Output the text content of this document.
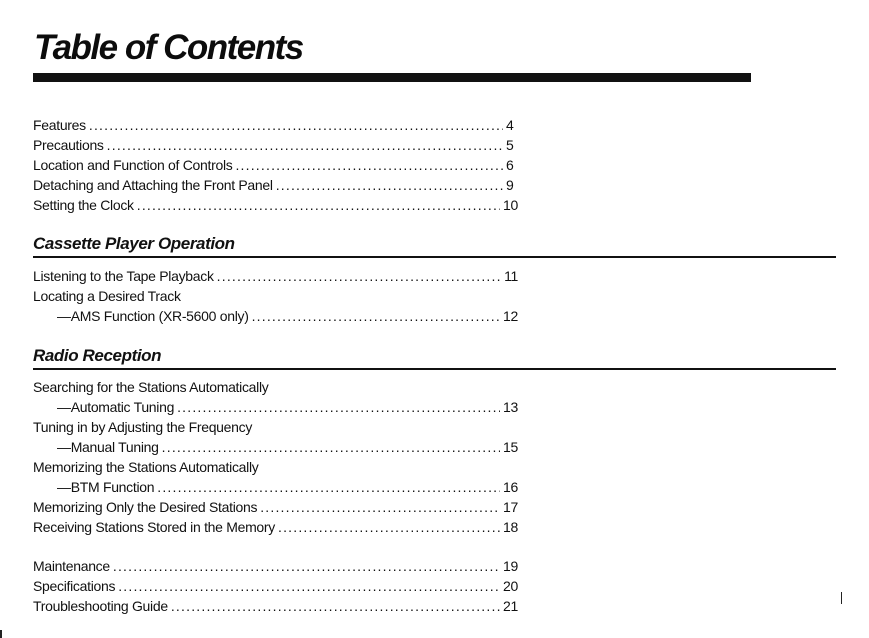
Table of Contents
Features .....	4
Precautions .....	5
Location and Function of Controls .....	6
Detaching and Attaching the Front Panel .....	9
Setting the Clock .....	10
Cassette Player Operation
Listening to the Tape Playback .....	11
Locating a Desired Track
—AMS Function (XR-5600 only) .....	12
Radio Reception
Searching for the Stations Automatically
—Automatic Tuning .....	13
Tuning in by Adjusting the Frequency
—Manual Tuning .....	15
Memorizing the Stations Automatically
—BTM Function .....	16
Memorizing Only the Desired Stations .....	17
Receiving Stations Stored in the Memory .....	18
Maintenance .....	19
Specifications .....	20
Troubleshooting Guide .....	21
